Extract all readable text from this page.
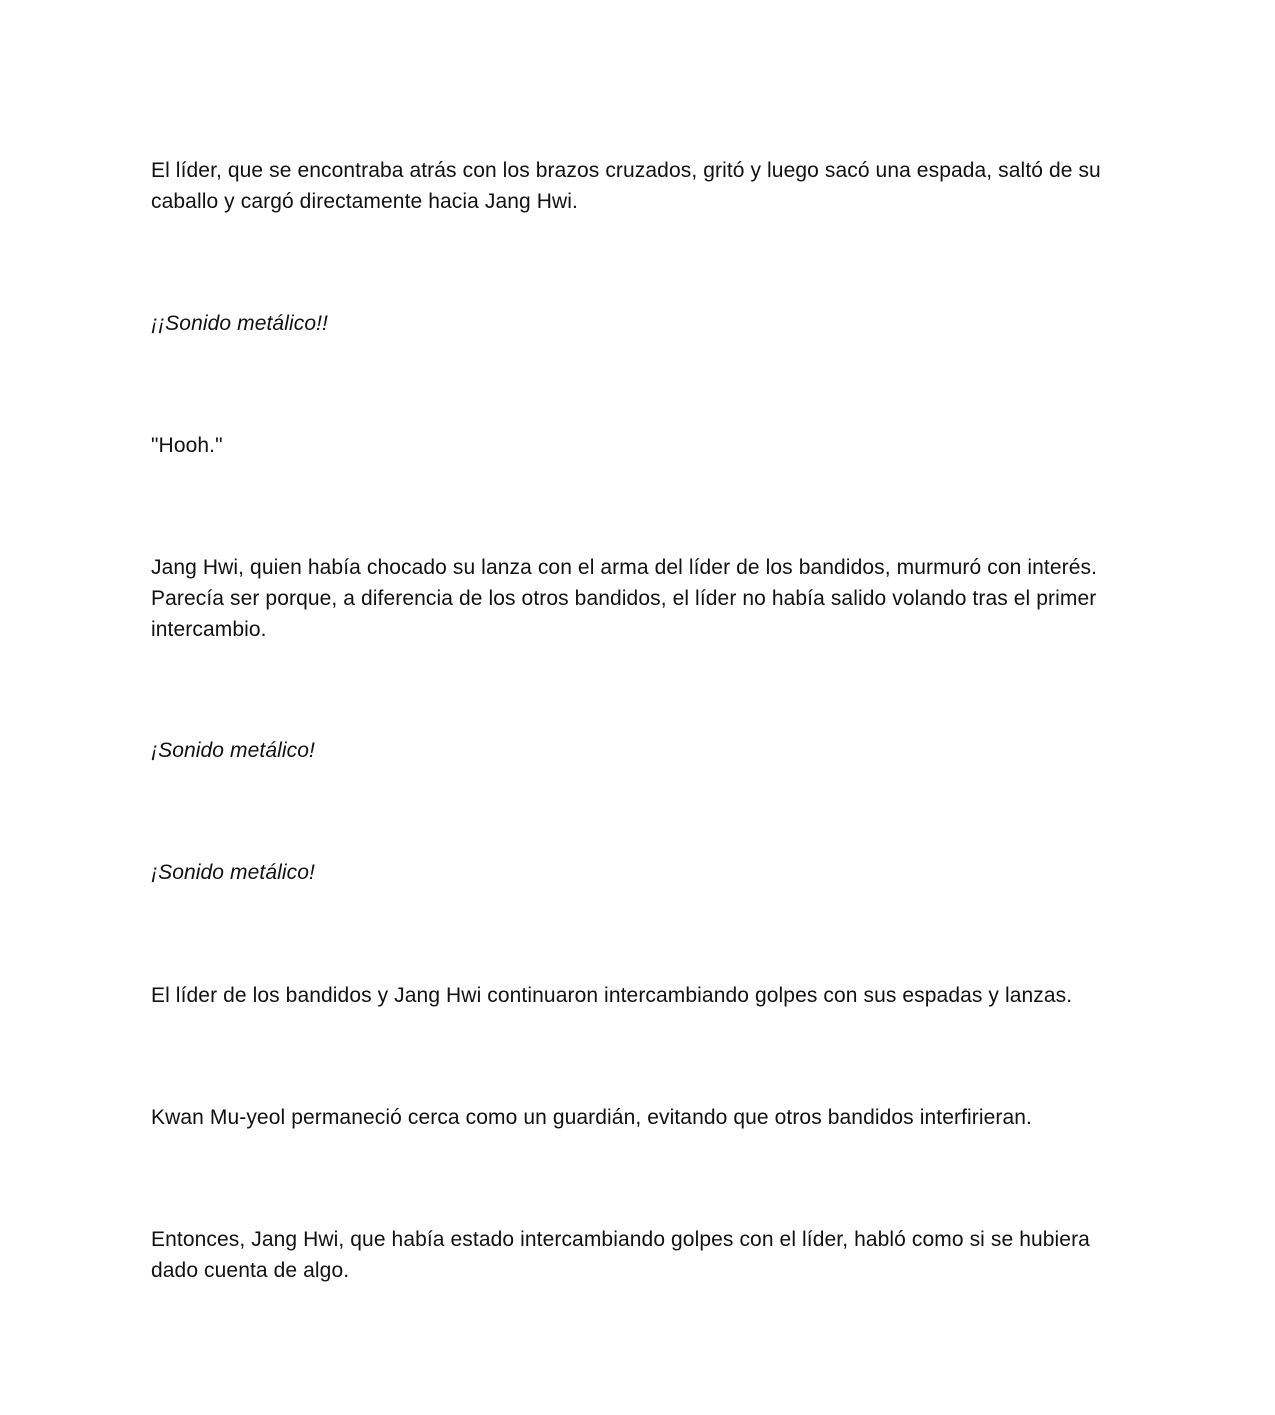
El líder, que se encontraba atrás con los brazos cruzados, gritó y luego sacó una espada, saltó de su caballo y cargó directamente hacia Jang Hwi.

¡¡Sonido metálico!!

"Hooh."

Jang Hwi, quien había chocado su lanza con el arma del líder de los bandidos, murmuró con interés. Parecía ser porque, a diferencia de los otros bandidos, el líder no había salido volando tras el primer intercambio.

¡Sonido metálico!

¡Sonido metálico!

El líder de los bandidos y Jang Hwi continuaron intercambiando golpes con sus espadas y lanzas.

Kwan Mu-yeol permaneció cerca como un guardián, evitando que otros bandidos interfirieran.

Entonces, Jang Hwi, que había estado intercambiando golpes con el líder, habló como si se hubiera dado cuenta de algo.
